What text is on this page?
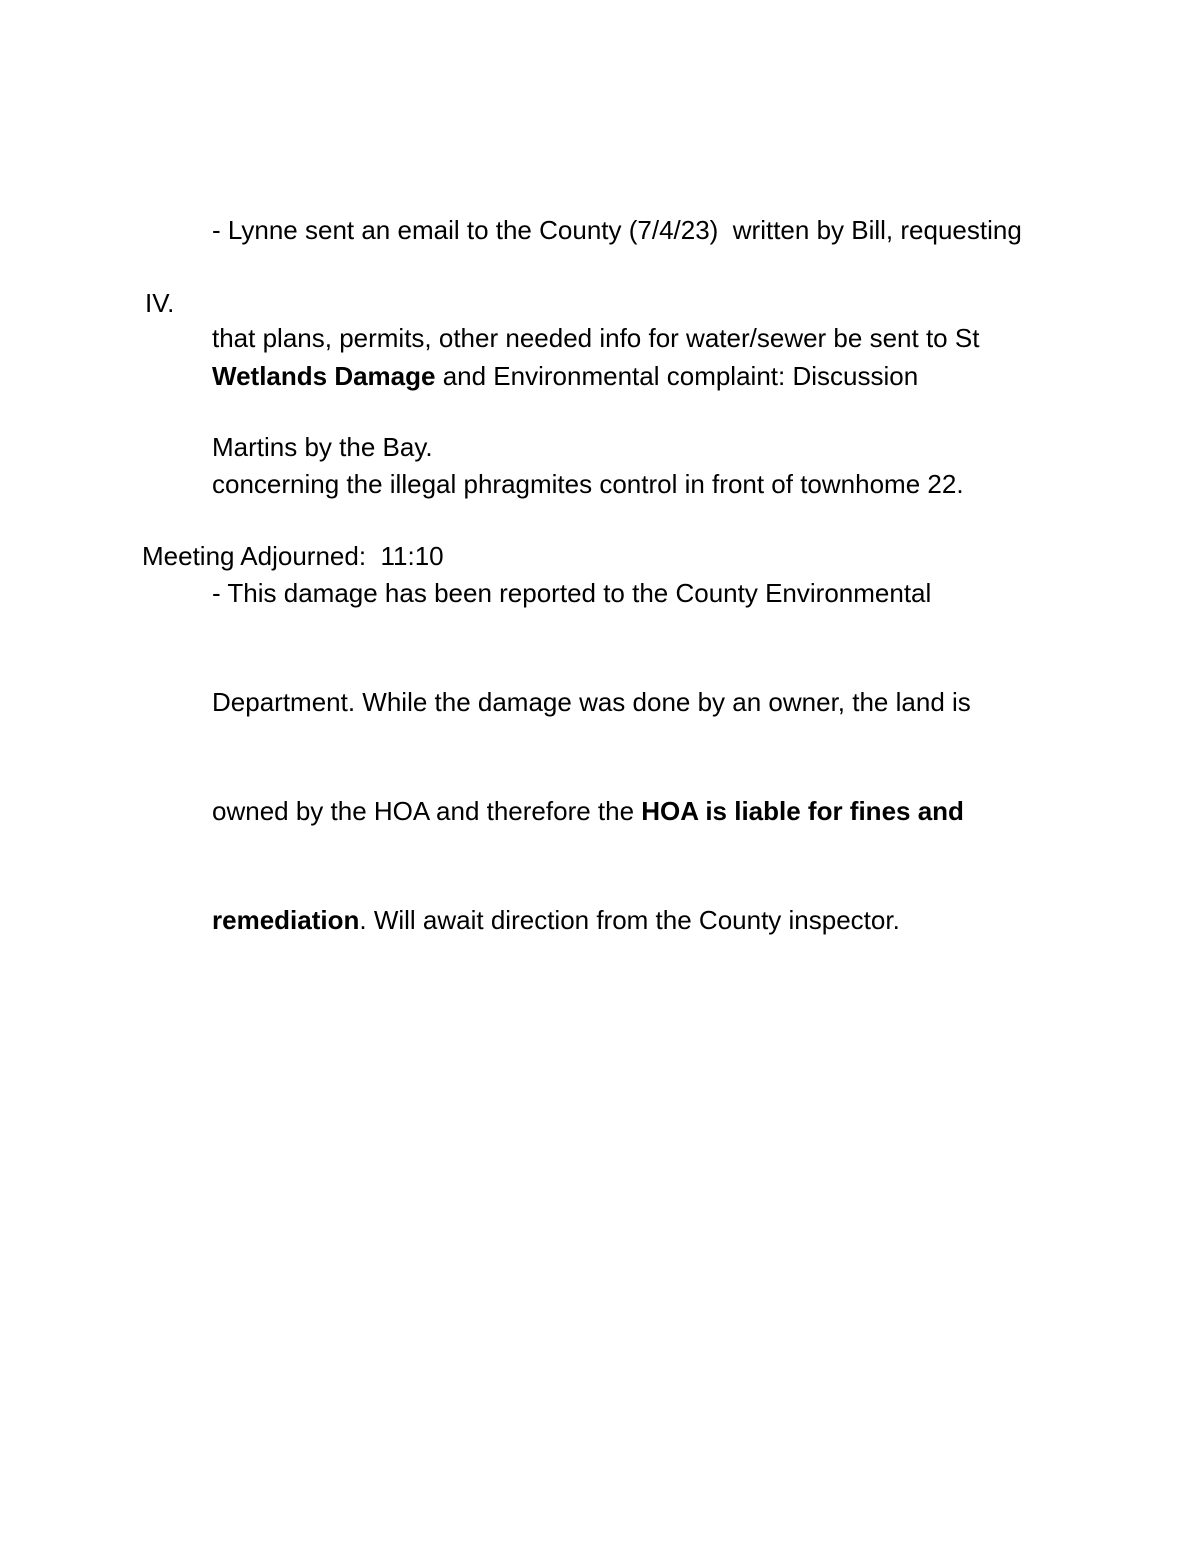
- Lynne sent an email to the County (7/4/23)  written by Bill, requesting

that plans, permits, other needed info for water/sewer be sent to St

Martins by the Bay.

IV.

Wetlands Damage and Environmental complaint: Discussion

concerning the illegal phragmites control in front of townhome 22.

- This damage has been reported to the County Environmental

Department. While the damage was done by an owner, the land is

owned by the HOA and therefore the HOA is liable for fines and

remediation. Will await direction from the County inspector.

Meeting Adjourned:  11:10
